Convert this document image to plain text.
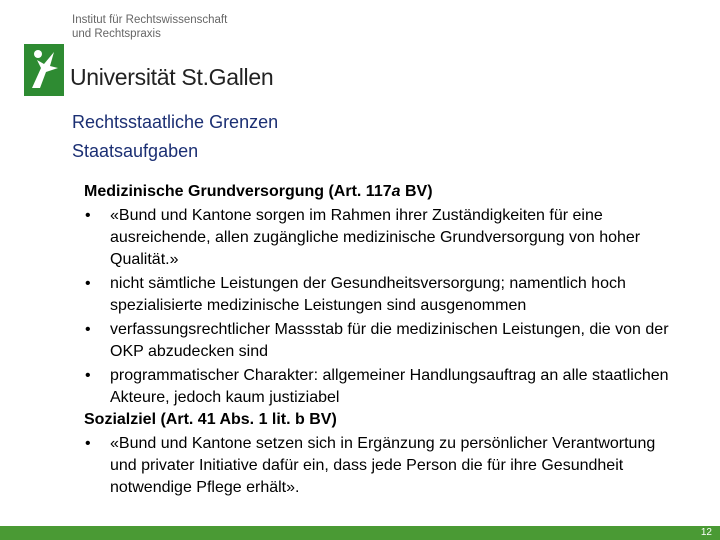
Institut für Rechtswissenschaft
und Rechtspraxis
Universität St.Gallen
Rechtsstaatliche Grenzen
Staatsaufgaben
Medizinische Grundversorgung (Art. 117a BV)
• «Bund und Kantone sorgen im Rahmen ihrer Zuständigkeiten für eine ausreichende, allen zugängliche medizinische Grundversorgung von hoher Qualität.»
• nicht sämtliche Leistungen der Gesundheitsversorgung; namentlich hoch spezialisierte medizinische Leistungen sind ausgenommen
• verfassungsrechtlicher Massstab für die medizinischen Leistungen, die von der OKP abzudecken sind
• programmatischer Charakter: allgemeiner Handlungsauftrag an alle staatlichen Akteure, jedoch kaum justiziabel
Sozialziel (Art. 41 Abs. 1 lit. b BV)
• «Bund und Kantone setzen sich in Ergänzung zu persönlicher Verantwortung und privater Initiative dafür ein, dass jede Person die für ihre Gesundheit notwendige Pflege erhält».
12
